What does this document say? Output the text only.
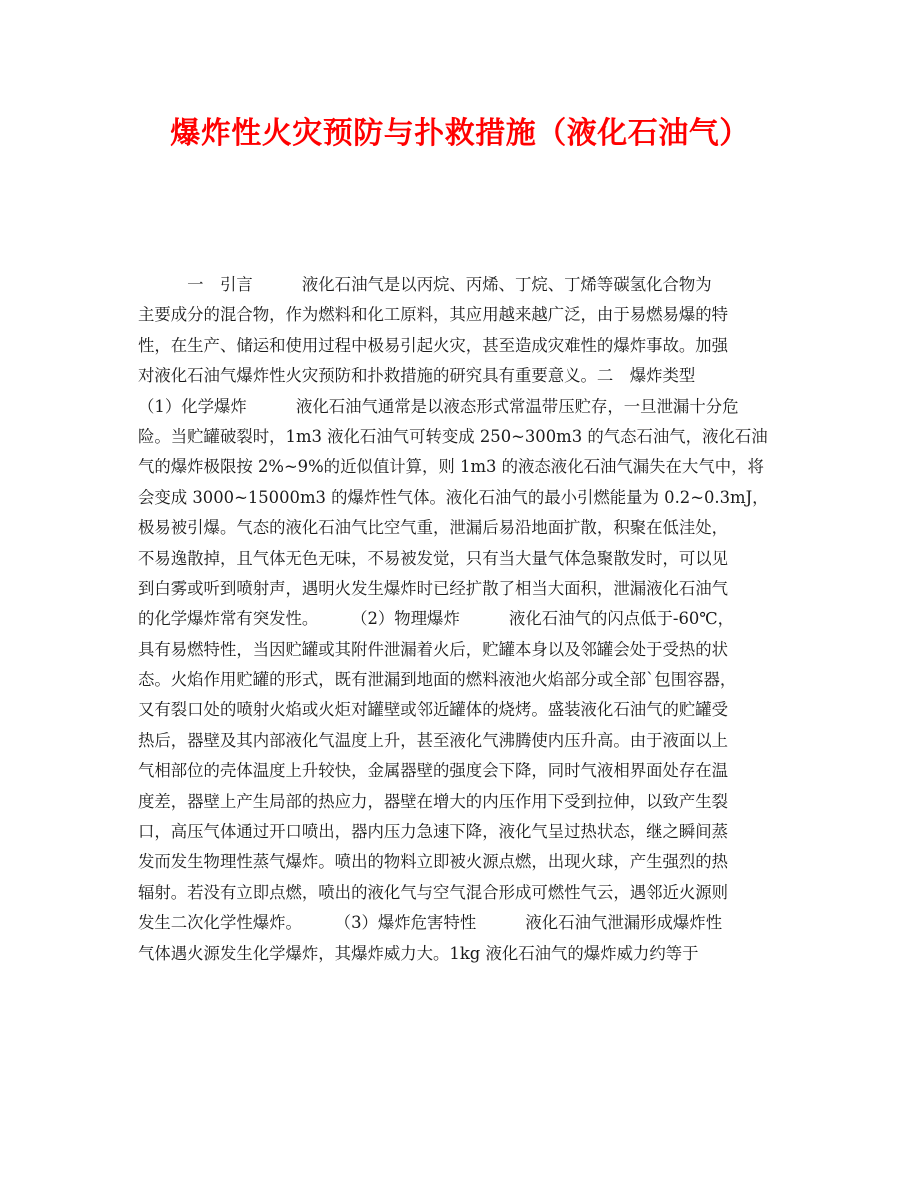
爆炸性火灾预防与扑救措施（液化石油气）
　　　一　引言　　　液化石油气是以丙烷、丙烯、丁烷、丁烯等碳氢化合物为
主要成分的混合物，作为燃料和化工原料，其应用越来越广泛，由于易燃易爆的特
性，在生产、储运和使用过程中极易引起火灾，甚至造成灾难性的爆炸事故。加强
对液化石油气爆炸性火灾预防和扑救措施的研究具有重要意义。二　爆炸类型
（1）化学爆炸　　　液化石油气通常是以液态形式常温带压贮存，一旦泄漏十分危
险。当贮罐破裂时，1m3 液化石油气可转变成 250~300m3 的气态石油气，液化石油
气的爆炸极限按 2%~9%的近似值计算，则 1m3 的液态液化石油气漏失在大气中，将
会变成 3000~15000m3 的爆炸性气体。液化石油气的最小引燃能量为 0.2~0.3mJ，
极易被引爆。气态的液化石油气比空气重，泄漏后易沿地面扩散，积聚在低洼处，
不易逸散掉，且气体无色无味，不易被发觉，只有当大量气体急聚散发时，可以见
到白雾或听到喷射声，遇明火发生爆炸时已经扩散了相当大面积，泄漏液化石油气
的化学爆炸常有突发性。　　　（2）物理爆炸　　　液化石油气的闪点低于-60℃，
具有易燃特性，当因贮罐或其附件泄漏着火后，贮罐本身以及邻罐会处于受热的状
态。火焰作用贮罐的形式，既有泄漏到地面的燃料液池火焰部分或全部`包围容器，
又有裂口处的喷射火焰或火炬对罐壁或邻近罐体的烧烤。盛装液化石油气的贮罐受
热后，器壁及其内部液化气温度上升，甚至液化气沸腾使内压升高。由于液面以上
气相部位的壳体温度上升较快，金属器壁的强度会下降，同时气液相界面处存在温
度差，器壁上产生局部的热应力，器壁在增大的内压作用下受到拉伸，以致产生裂
口，高压气体通过开口喷出，器内压力急速下降，液化气呈过热状态，继之瞬间蒸
发而发生物理性蒸气爆炸。喷出的物料立即被火源点燃，出现火球，产生强烈的热
辐射。若没有立即点燃，喷出的液化气与空气混合形成可燃性气云，遇邻近火源则
发生二次化学性爆炸。　　　（3）爆炸危害特性　　　液化石油气泄漏形成爆炸性
气体遇火源发生化学爆炸，其爆炸威力大。1kg 液化石油气的爆炸威力约等于
